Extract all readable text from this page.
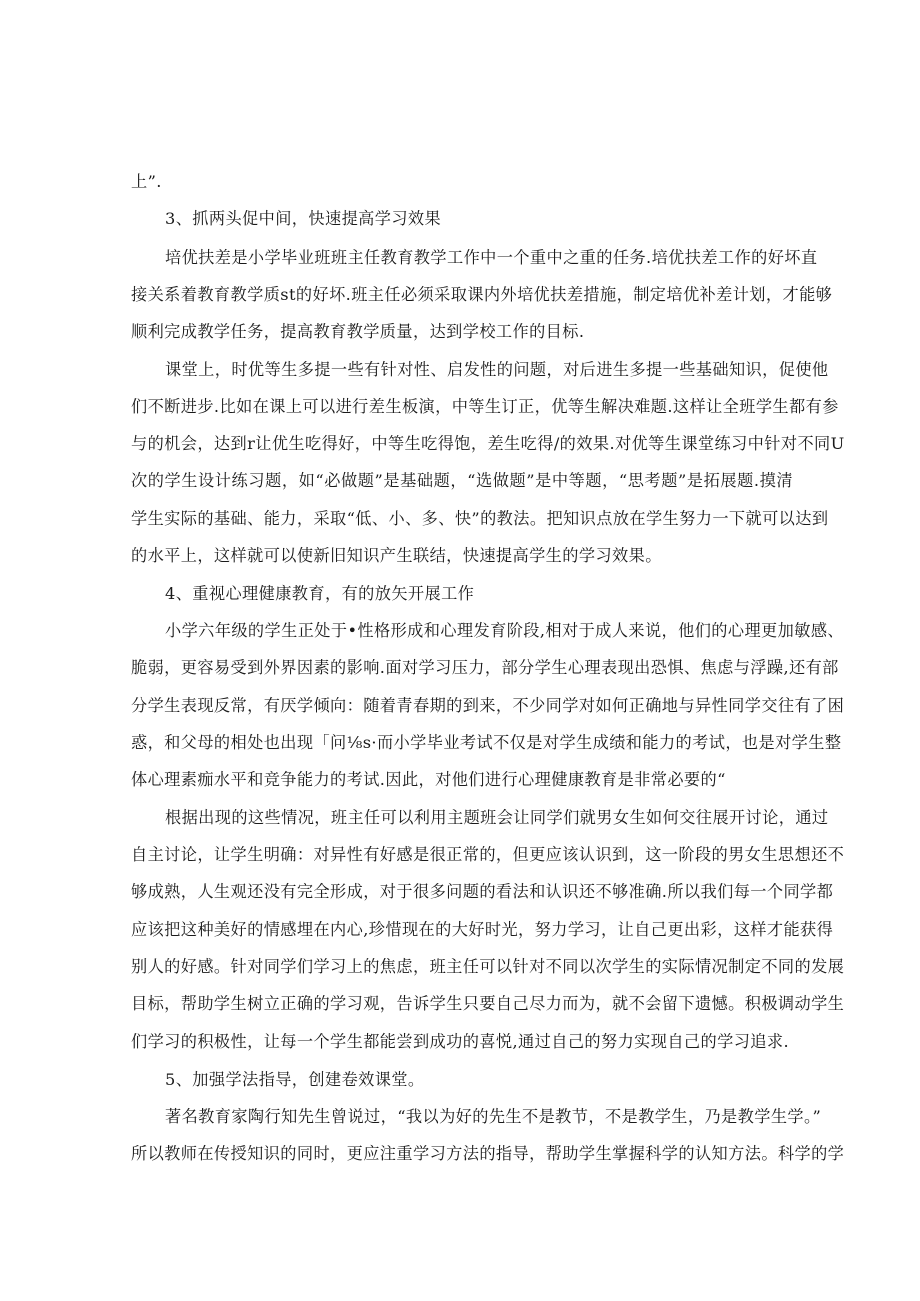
上”.
3、抓两头促中间，快速提高学习效果
培优扶差是小学毕业班班主任教育教学工作中一个重中之重的任务.培优扶差工作的好坏直
接关系着教育教学质st的好坏.班主任必须采取课内外培优扶差措施，制定培优补差计划，才能够
顺利完成教学任务，提高教育教学质量，达到学校工作的目标.
课堂上，时优等生多提一些有针对性、启发性的问题，对后进生多提一些基础知识，促使他
们不断进步.比如在课上可以进行差生板演，中等生订正，优等生解决难题.这样让全班学生都有参
与的机会，达到r让优生吃得好，中等生吃得饱，差生吃得/的效果.对优等生课堂练习中针对不同U
次的学生设计练习题，如“必做题”是基础题，“选做题”是中等题，“思考题”是拓展题.摸清
学生实际的基础、能力，采取“低、小、多、快”的教法。把知识点放在学生努力一下就可以达到
的水平上，这样就可以使新旧知识产生联结，快速提高学生的学习效果。
4、重视心理健康教育，有的放矢开展工作
小学六年级的学生正处于•性格形成和心理发育阶段,相对于成人来说，他们的心理更加敏感、
脆弱，更容易受到外界因素的影响.面对学习压力，部分学生心理表现出恐惧、焦虑与浮躁,还有部
分学生表现反常，有厌学倾向：随着青春期的到来，不少同学对如何正确地与异性同学交往有了困
惑，和父母的相处也出现「问⅛s·而小学毕业考试不仅是对学生成绩和能力的考试，也是对学生整
体心理素痂水平和竞争能力的考试.因此，对他们进行心理健康教育是非常必要的“
根据出现的这些情况，班主任可以利用主题班会让同学们就男女生如何交往展开讨论，通过
自主讨论，让学生明确：对异性有好感是很正常的，但更应该认识到，这一阶段的男女生思想还不
够成熟，人生观还没有完全形成，对于很多问题的看法和认识还不够准确.所以我们每一个同学都
应该把这种美好的情感埋在内心,珍惜现在的大好时光，努力学习，让自己更出彩，这样才能获得
别人的好感。针对同学们学习上的焦虑，班主任可以针对不同以次学生的实际情况制定不同的发展
目标，帮助学生树立正确的学习观，告诉学生只要自己尽力而为，就不会留下遗憾。积极调动学生
们学习的积极性，让每一个学生都能尝到成功的喜悦,通过自己的努力实现自己的学习追求.
5、加强学法指导，创建卷效课堂。
著名教育家陶行知先生曾说过，“我以为好的先生不是教节，不是教学生，乃是教学生学。”
所以教师在传授知识的同时，更应注重学习方法的指导，帮助学生掌握科学的认知方法。科学的学
